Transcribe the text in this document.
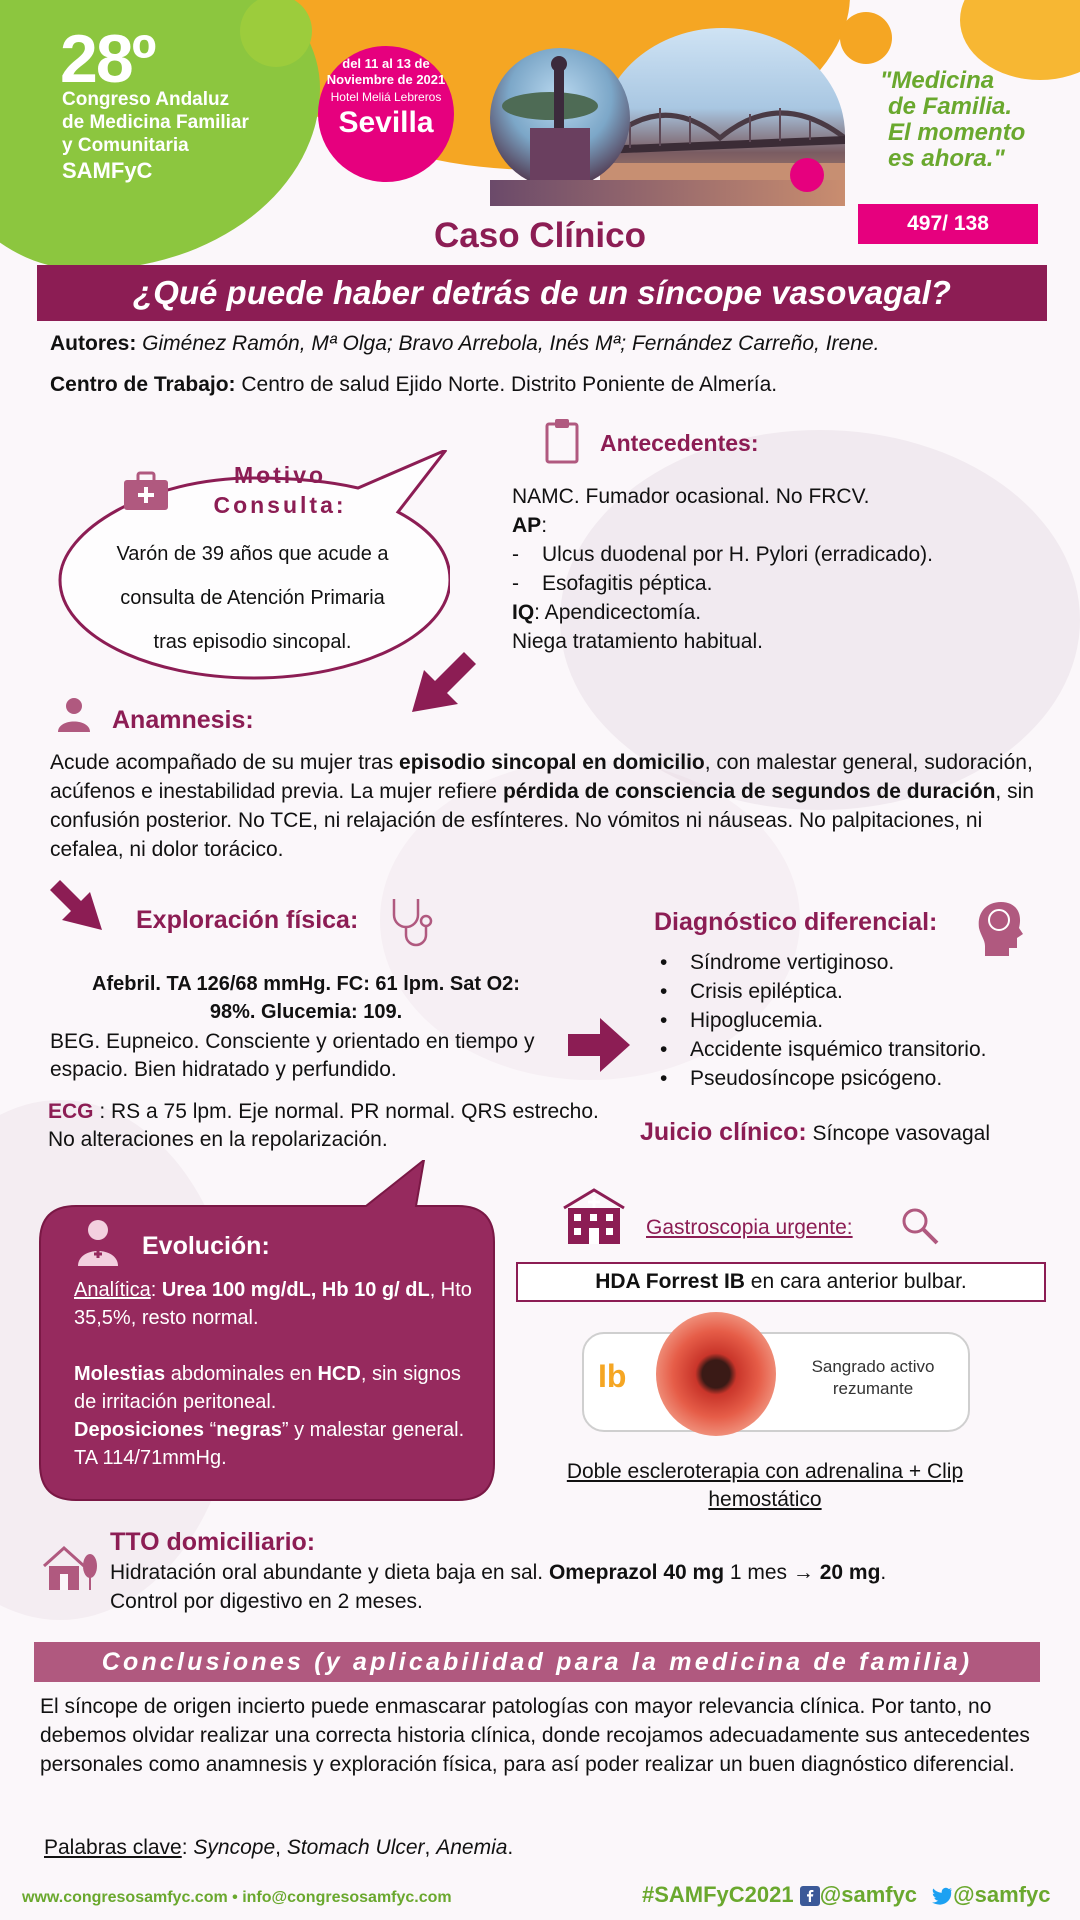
28º
Congreso Andaluz
de Medicina Familiar
y Comunitaria
SAMFyC
del 11 al 13 de
Noviembre de 2021
Hotel Meliá Lebreros
Sevilla
"Medicina
de Familia.
El momento
es ahora."
497/ 138
Caso Clínico
¿Qué puede haber detrás de un síncope vasovagal?
Autores: Giménez Ramón, Mª Olga; Bravo Arrebola, Inés Mª; Fernández Carreño, Irene.
Centro de Trabajo: Centro de salud Ejido Norte. Distrito Poniente de Almería.
Motivo
Consulta:
Varón de 39 años que acude a
consulta de Atención Primaria
tras episodio sincopal.
Antecedentes:
NAMC. Fumador ocasional. No FRCV.
AP:
- Ulcus duodenal por H. Pylori (erradicado).
- Esofagitis péptica.
IQ: Apendicectomía.
Niega tratamiento habitual.
Anamnesis:
Acude acompañado de su mujer tras episodio sincopal en domicilio, con malestar general, sudoración, acúfenos e inestabilidad previa. La mujer refiere pérdida de consciencia de segundos de duración, sin confusión posterior. No TCE, ni relajación de esfínteres. No vómitos ni náuseas. No palpitaciones, ni cefalea, ni dolor torácico.
Exploración física:
Afebril. TA 126/68 mmHg. FC: 61 lpm. Sat O2:
98%. Glucemia: 109.
BEG. Eupneico. Consciente y orientado en tiempo y espacio. Bien hidratado y perfundido.
ECG : RS a 75 lpm. Eje normal. PR normal. QRS estrecho. No alteraciones en la repolarización.
Diagnóstico diferencial:
• Síndrome vertiginoso.
• Crisis epiléptica.
• Hipoglucemia.
• Accidente isquémico transitorio.
• Pseudosíncope psicógeno.
Juicio clínico: Síncope vasovagal
Evolución:
Analítica: Urea 100 mg/dL, Hb 10 g/ dL, Hto 35,5%, resto normal.
Molestias abdominales en HCD, sin signos de irritación peritoneal.
Deposiciones “negras” y malestar general. TA 114/71mmHg.
Gastroscopia urgente:
HDA Forrest IB en cara anterior bulbar.
Ib	Sangrado activo
rezumante
Doble escleroterapia con adrenalina + Clip
hemostático
TTO domiciliario:
Hidratación oral abundante y dieta baja en sal. Omeprazol 40 mg 1 mes → 20 mg.
Control por digestivo en 2 meses.
Conclusiones (y aplicabilidad para la medicina de familia)
El síncope de origen incierto puede enmascarar patologías con mayor relevancia clínica. Por tanto, no debemos olvidar realizar una correcta historia clínica, donde recojamos adecuadamente sus antecedentes personales como anamnesis y exploración física, para así poder realizar un buen diagnóstico diferencial.
Palabras clave: Syncope, Stomach Ulcer, Anemia.
www.congresosamfyc.com • info@congresosamfyc.com	#SAMFyC2021 @samfyc @samfyc
